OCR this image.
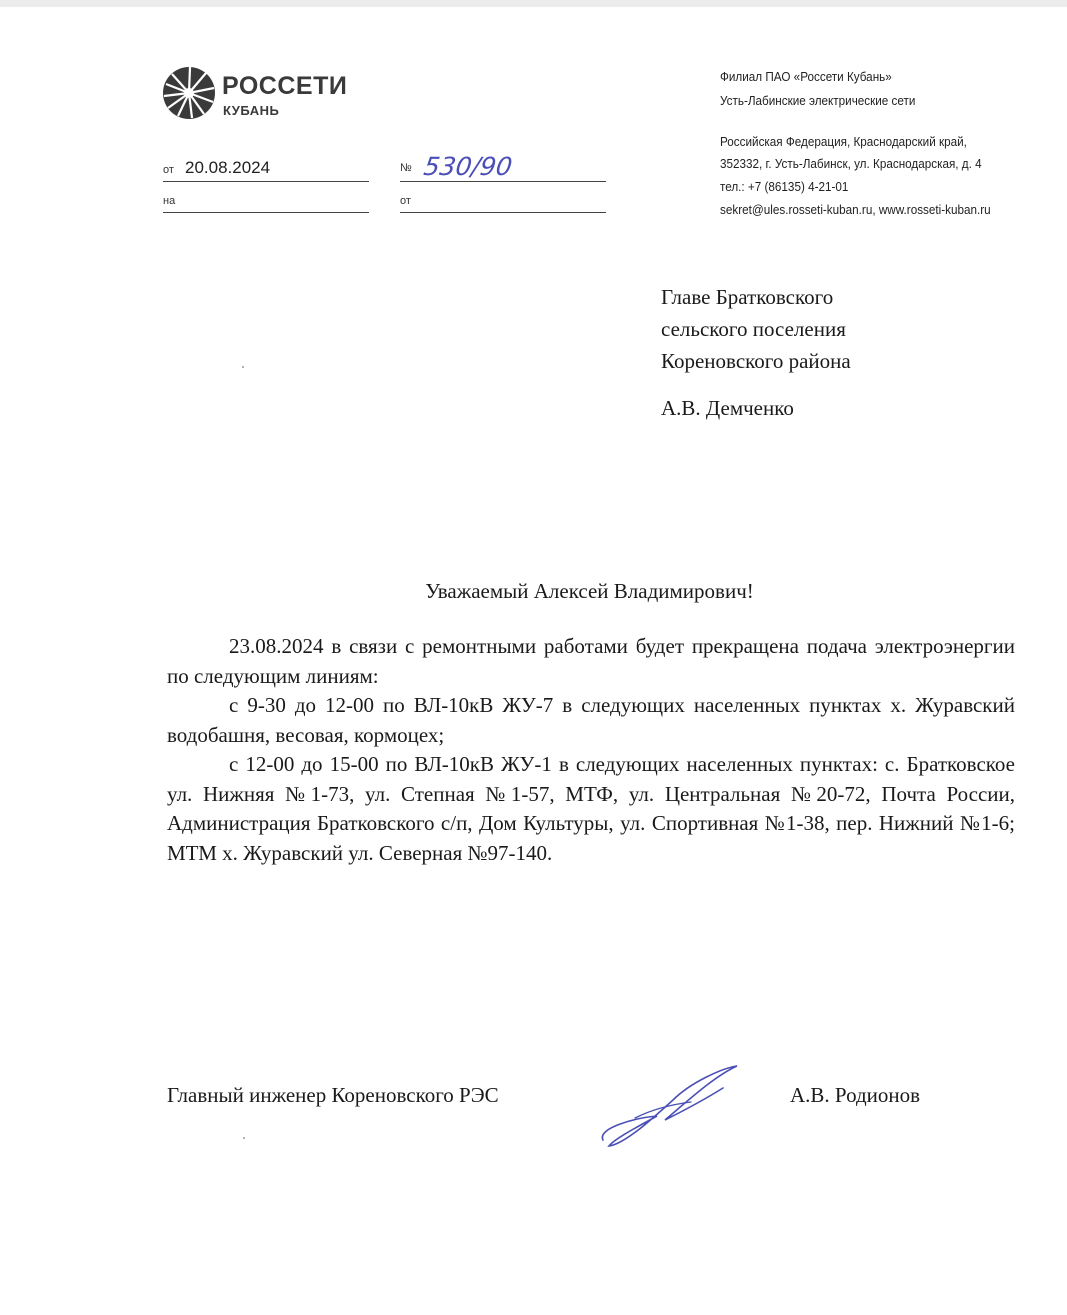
РОССЕТИ
КУБАНЬ
Филиал ПАО «Россети Кубань»
Усть-Лабинские электрические сети
Российская Федерация, Краснодарский край,
352332, г. Усть-Лабинск, ул. Краснодарская, д. 4
тел.: +7 (86135) 4-21-01
sekret@ules.rosseti-kuban.ru, www.rosseti-kuban.ru
от 20.08.2024	№ 530/90
на	от
Главе Братковского
сельского поселения
Кореновского района
А.В. Демченко
Уважаемый Алексей Владимирович!
23.08.2024 в связи с ремонтными работами будет прекращена подача электроэнергии по следующим линиям:
с 9-30 до 12-00 по ВЛ-10кВ ЖУ-7 в следующих населенных пунктах х. Журавский водобашня, весовая, кормоцех;
с 12-00 до 15-00 по ВЛ-10кВ ЖУ-1 в следующих населенных пунктах: с. Братковское ул. Нижняя №1-73, ул. Степная №1-57, МТФ, ул. Центральная №20-72, Почта России, Администрация Братковского с/п, Дом Культуры, ул. Спортивная №1-38, пер. Нижний №1-6; МТМ х. Журавский ул. Северная №97-140.
Главный инженер Кореновского РЭС	А.В. Родионов
